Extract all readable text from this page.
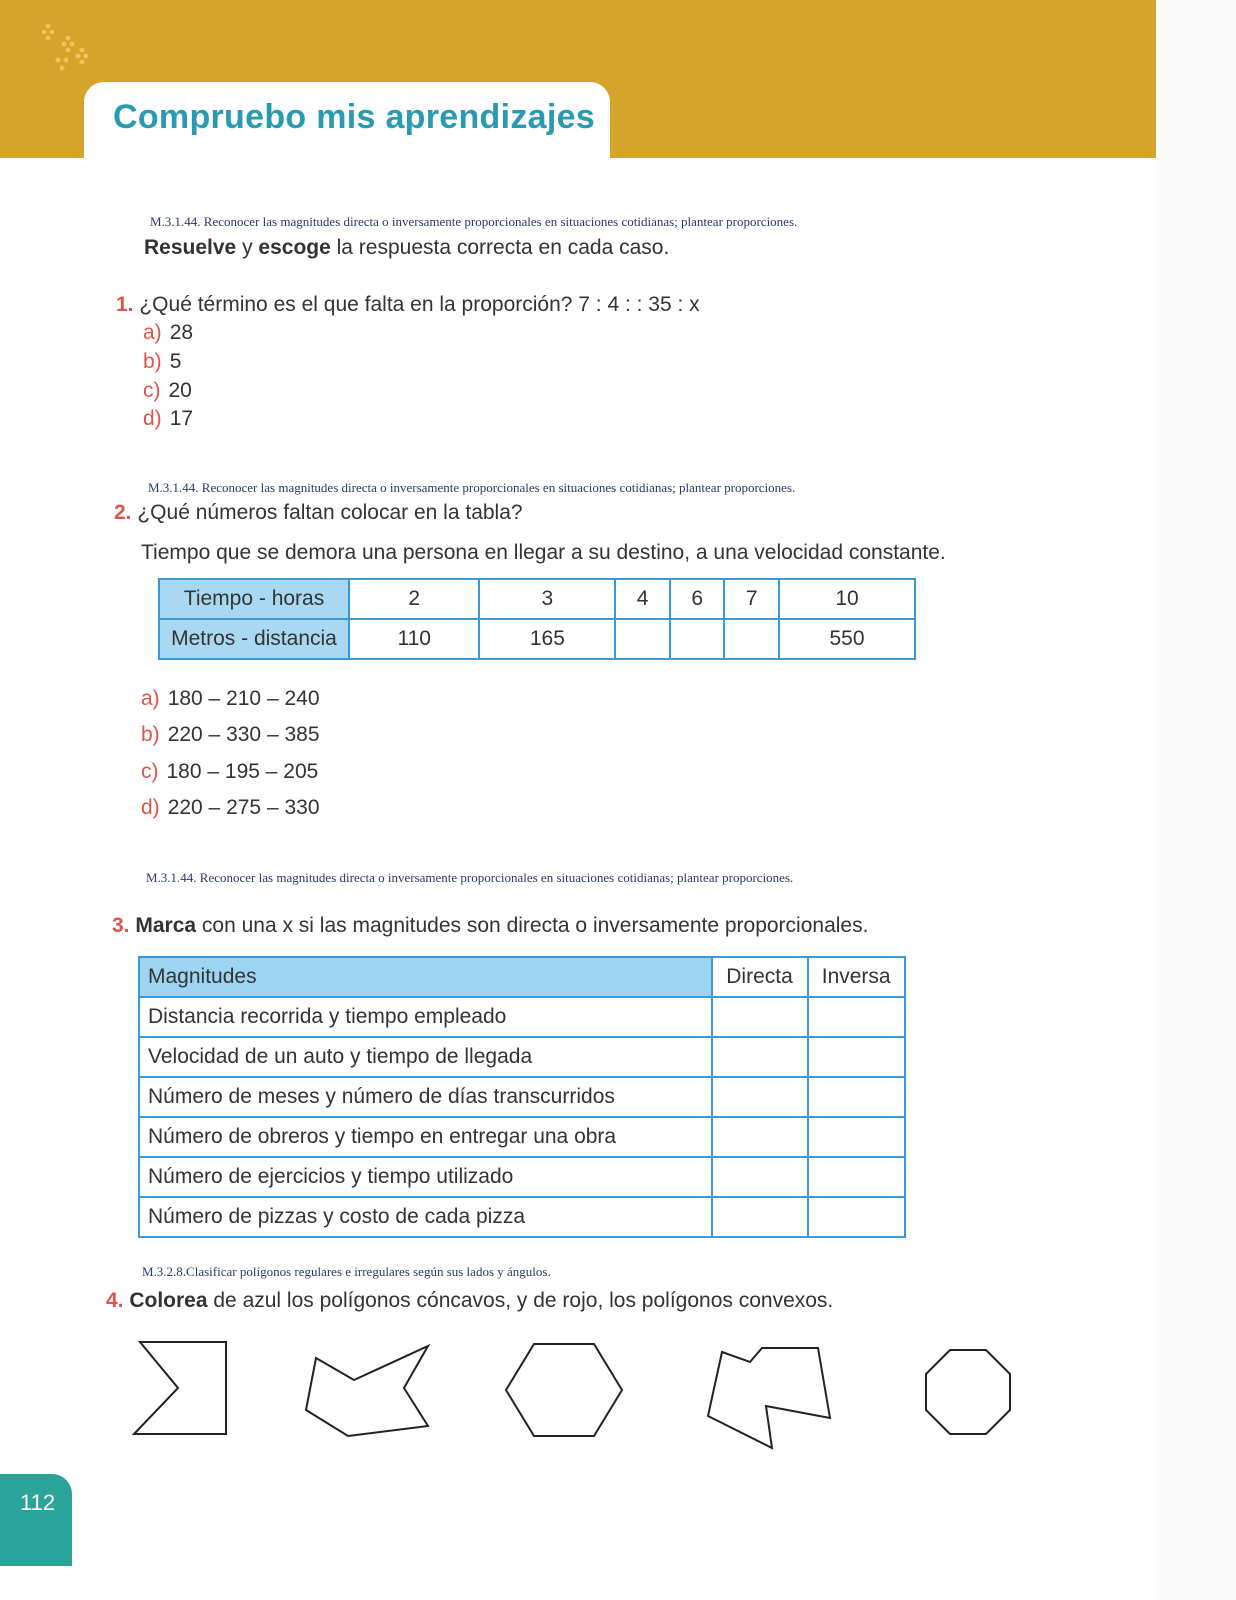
Compruebo mis aprendizajes
M.3.1.44. Reconocer las magnitudes directa o inversamente proporcionales en situaciones cotidianas; plantear proporciones.
Resuelve y escoge la respuesta correcta en cada caso.
1. ¿Qué término es el que falta en la proporción? 7 : 4 : : 35 : x
a) 28
b) 5
c) 20
d) 17
M.3.1.44. Reconocer las magnitudes directa o inversamente proporcionales en situaciones cotidianas; plantear proporciones.
2. ¿Qué números faltan colocar en la tabla?
Tiempo que se demora una persona en llegar a su destino, a una velocidad constante.
Tiempo - horas	2	3	4	6	7	10
Metros - distancia	110	165				550
a) 180 – 210 – 240
b) 220 – 330 – 385
c) 180 – 195 – 205
d) 220 – 275 – 330
M.3.1.44. Reconocer las magnitudes directa o inversamente proporcionales en situaciones cotidianas; plantear proporciones.
3. Marca con una x si las magnitudes son directa o inversamente proporcionales.
Magnitudes	Directa	Inversa
Distancia recorrida y tiempo empleado		
Velocidad de un auto y tiempo de llegada		
Número de meses y número de días transcurridos		
Número de obreros y tiempo en entregar una obra		
Número de ejercicios y tiempo utilizado		
Número de pizzas y costo de cada pizza		
M.3.2.8.Clasificar polígonos regulares e irregulares según sus lados y ángulos.
4. Colorea de azul los polígonos cóncavos, y de rojo, los polígonos convexos.
112
